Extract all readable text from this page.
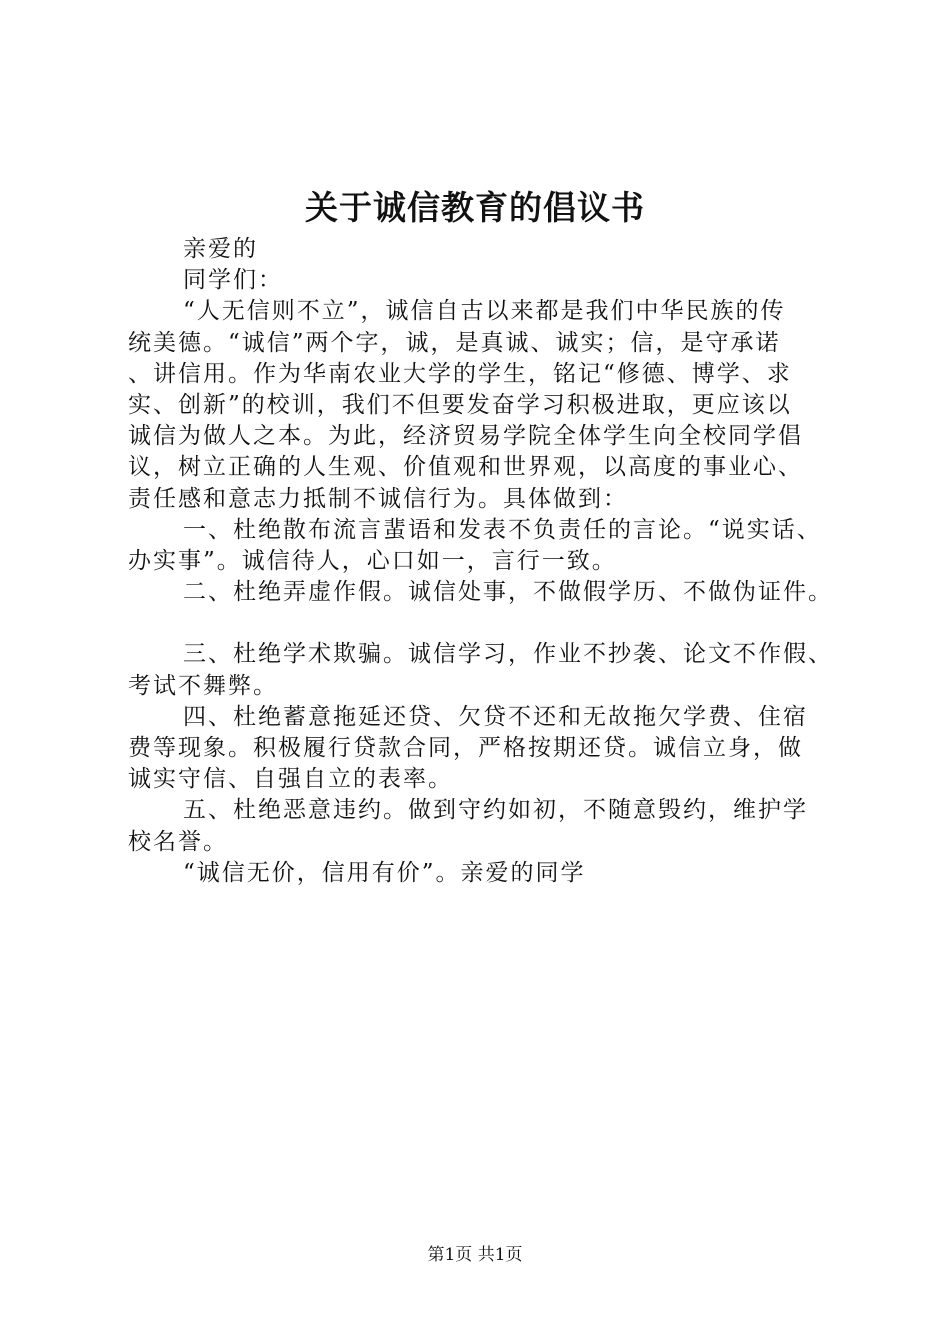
关于诚信教育的倡议书
亲爱的
同学们：
“人无信则不立”，诚信自古以来都是我们中华民族的传
统美德。“诚信”两个字，诚，是真诚、诚实；信，是守承诺
、讲信用。作为华南农业大学的学生，铭记“修德、博学、求
实、创新”的校训，我们不但要发奋学习积极进取，更应该以
诚信为做人之本。为此，经济贸易学院全体学生向全校同学倡
议，树立正确的人生观、价值观和世界观，以高度的事业心、
责任感和意志力抵制不诚信行为。具体做到：
一、杜绝散布流言蜚语和发表不负责任的言论。“说实话、
办实事”。诚信待人，心口如一，言行一致。
二、杜绝弄虚作假。诚信处事，不做假学历、不做伪证件。
三、杜绝学术欺骗。诚信学习，作业不抄袭、论文不作假、
考试不舞弊。
四、杜绝蓄意拖延还贷、欠贷不还和无故拖欠学费、住宿
费等现象。积极履行贷款合同，严格按期还贷。诚信立身，做
诚实守信、自强自立的表率。
五、杜绝恶意违约。做到守约如初，不随意毁约，维护学
校名誉。
“诚信无价，信用有价”。亲爱的同学
第1页 共1页
